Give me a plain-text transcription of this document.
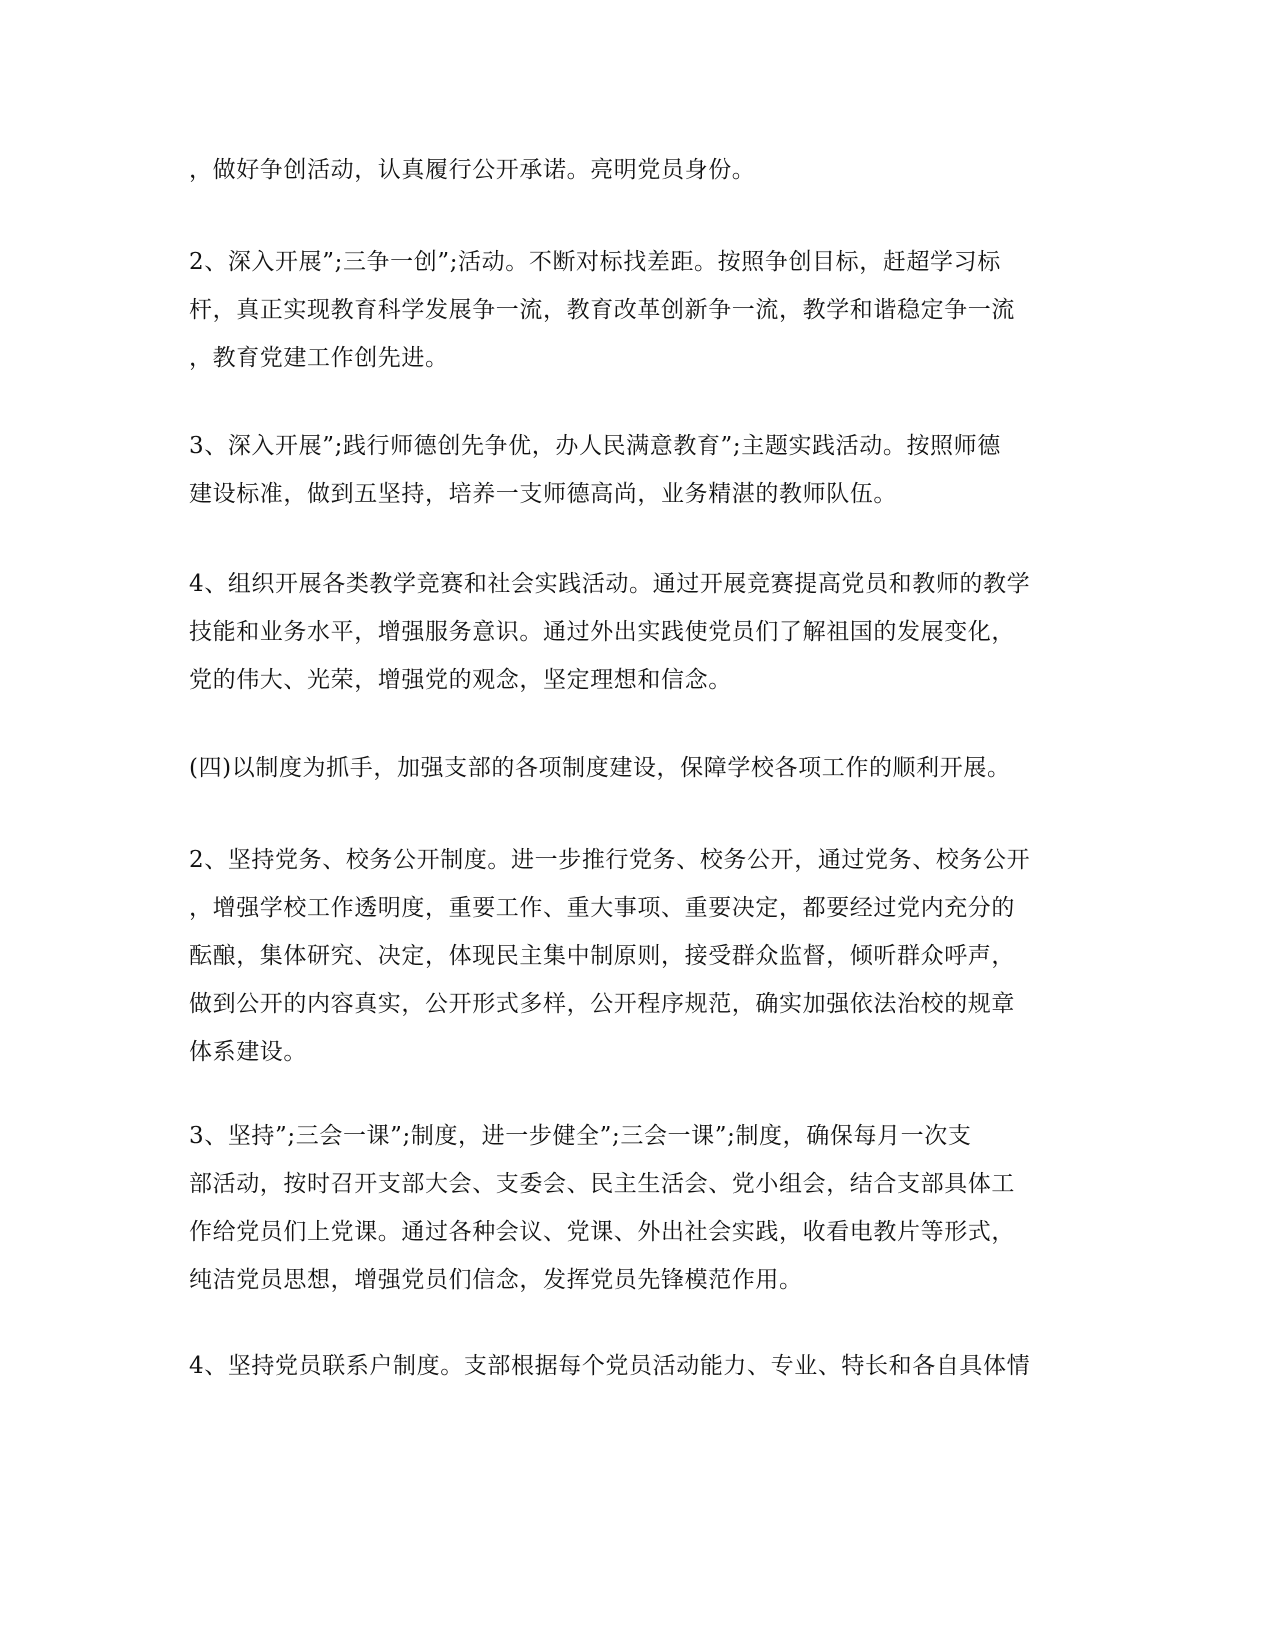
，做好争创活动，认真履行公开承诺。亮明党员身份。
2、深入开展”;三争一创”;活动。不断对标找差距。按照争创目标，赶超学习标
杆，真正实现教育科学发展争一流，教育改革创新争一流，教学和谐稳定争一流
，教育党建工作创先进。
3、深入开展”;践行师德创先争优，办人民满意教育”;主题实践活动。按照师德
建设标准，做到五坚持，培养一支师德高尚，业务精湛的教师队伍。
4、组织开展各类教学竞赛和社会实践活动。通过开展竞赛提高党员和教师的教学
技能和业务水平，增强服务意识。通过外出实践使党员们了解祖国的发展变化，
党的伟大、光荣，增强党的观念，坚定理想和信念。
(四)以制度为抓手，加强支部的各项制度建设，保障学校各项工作的顺利开展。
2、坚持党务、校务公开制度。进一步推行党务、校务公开，通过党务、校务公开
，增强学校工作透明度，重要工作、重大事项、重要决定，都要经过党内充分的
酝酿，集体研究、决定，体现民主集中制原则，接受群众监督，倾听群众呼声，
做到公开的内容真实，公开形式多样，公开程序规范，确实加强依法治校的规章
体系建设。
3、坚持”;三会一课”;制度，进一步健全”;三会一课”;制度，确保每月一次支
部活动，按时召开支部大会、支委会、民主生活会、党小组会，结合支部具体工
作给党员们上党课。通过各种会议、党课、外出社会实践，收看电教片等形式，
纯洁党员思想，增强党员们信念，发挥党员先锋模范作用。
4、坚持党员联系户制度。支部根据每个党员活动能力、专业、特长和各自具体情
